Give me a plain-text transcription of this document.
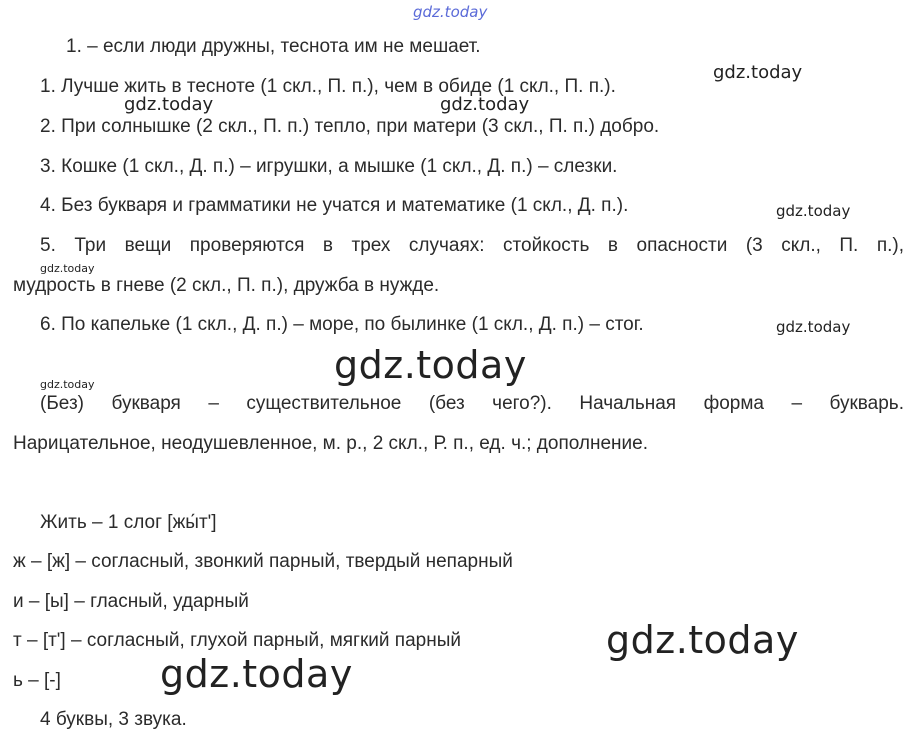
gdz.today
1. – если люди дружны, теснота им не мешает.
1. Лучше жить в тесноте (1 скл., П. п.), чем в обиде (1 скл., П. п.).
2. При солнышке (2 скл., П. п.) тепло, при матери (3 скл., П. п.) добро.
3. Кошке (1 скл., Д. п.) – игрушки, а мышке (1 скл., Д. п.) – слезки.
4. Без букваря и грамматики не учатся и математике (1 скл., Д. п.).
5. Три вещи проверяются в трех случаях: стойкость в опасности (3 скл., П. п.),
мудрость в гневе (2 скл., П. п.), дружба в нужде.
6. По капельке (1 скл., Д. п.) – море, по былинке (1 скл., Д. п.) – стог.
(Без) букваря – существительное (без чего?). Начальная форма – букварь.
Нарицательное, неодушевленное, м. р., 2 скл., Р. п., ед. ч.; дополнение.
Жить – 1 слог [жы́т']
ж – [ж] – согласный, звонкий парный, твердый непарный
и – [ы] – гласный, ударный
т – [т'] – согласный, глухой парный, мягкий парный
ь – [-]
4 буквы, 3 звука.
gdz.today
gdz.today	gdz.today
gdz.today
gdz.today
gdz.today
gdz.today
gdz.today
gdz.today
gdz.today
